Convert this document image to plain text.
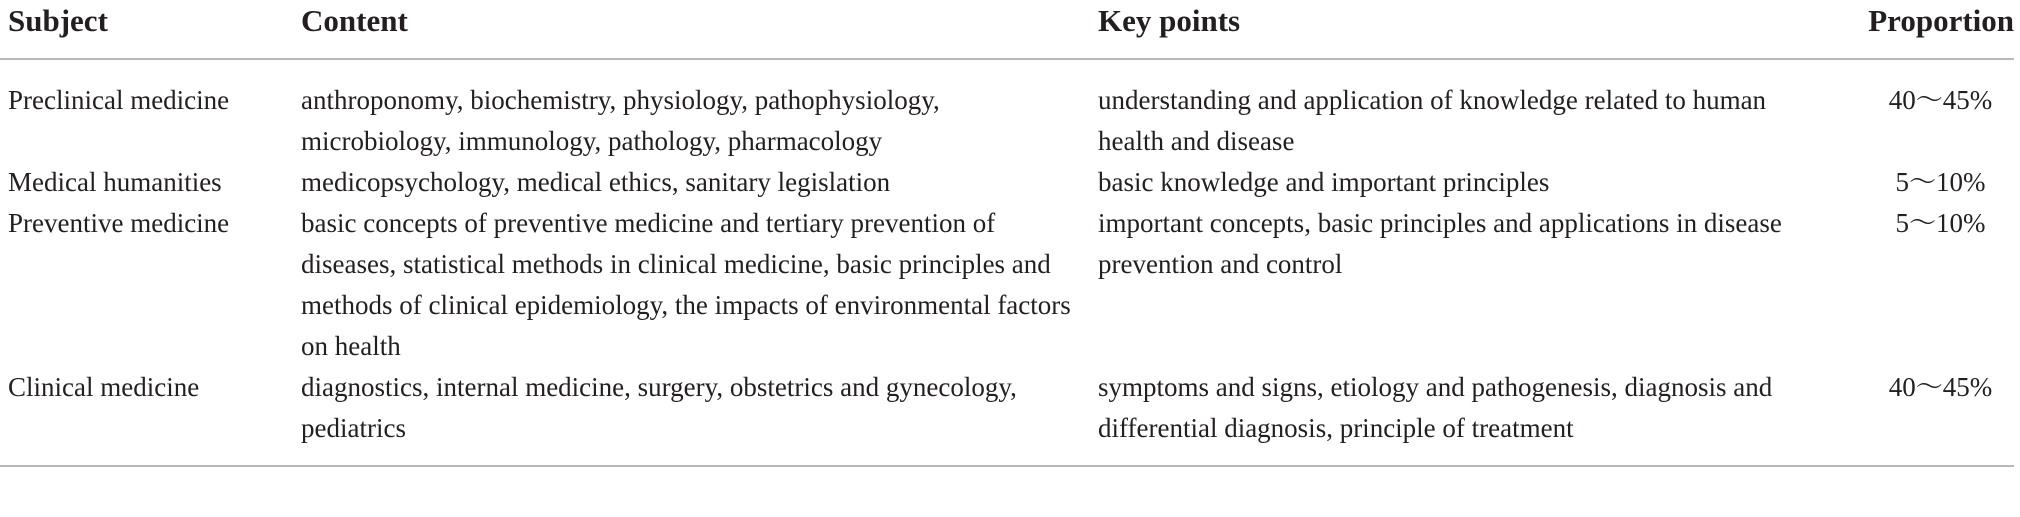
Subject	Content	Key points	Proportion
Preclinical medicine	anthroponomy, biochemistry, physiology, pathophysiology, microbiology, immunology, pathology, pharmacology	understanding and application of knowledge related to human health and disease	40～45%
Medical humanities	medicopsychology, medical ethics, sanitary legislation	basic knowledge and important principles	5～10%
Preventive medicine	basic concepts of preventive medicine and tertiary prevention of diseases, statistical methods in clinical medicine, basic principles and methods of clinical epidemiology, the impacts of environmental factors on health	important concepts, basic principles and applications in disease prevention and control	5～10%
Clinical medicine	diagnostics, internal medicine, surgery, obstetrics and gynecology, pediatrics	symptoms and signs, etiology and pathogenesis, diagnosis and differential diagnosis, principle of treatment	40～45%
